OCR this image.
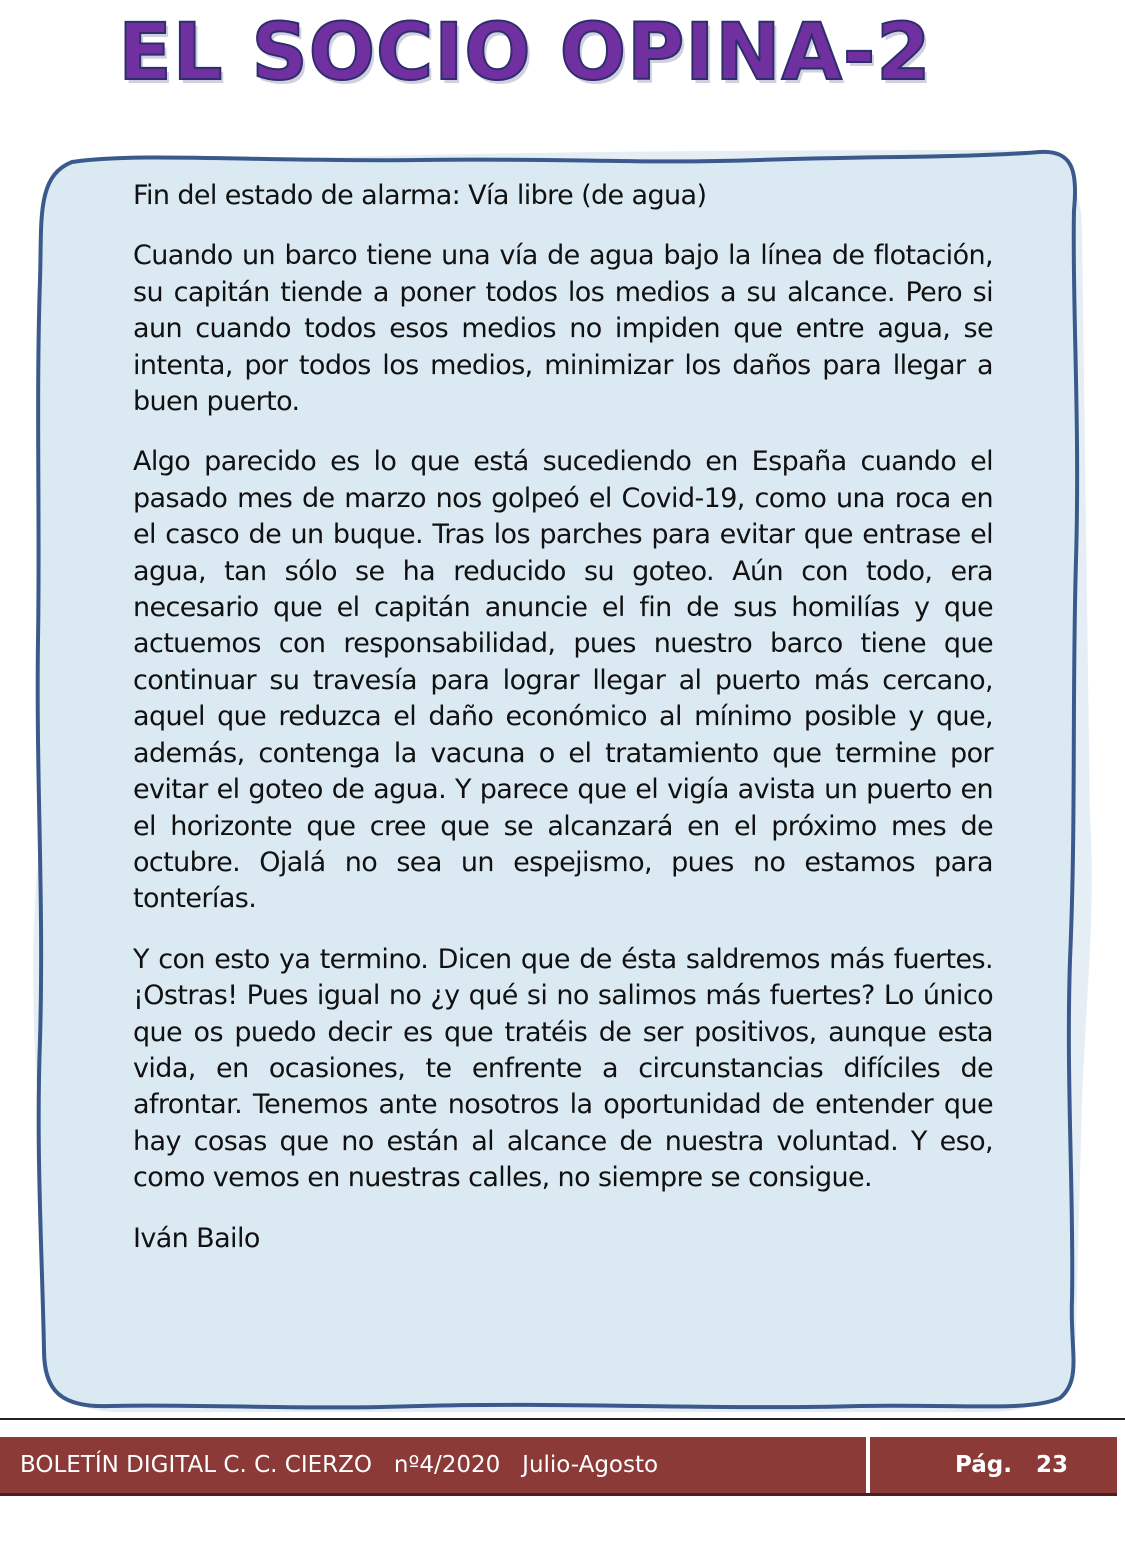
EL SOCIO OPINA-2

Fin del estado de alarma: Vía libre (de agua)

Cuando un barco tiene una vía de agua bajo la línea de flotación, su capitán tiende a poner todos los medios a su alcance. Pero si aun cuando todos esos medios no impiden que entre agua, se intenta, por todos los medios, minimizar los daños para llegar a buen puerto.

Algo parecido es lo que está sucediendo en España cuando el pasado mes de marzo nos golpeó el Covid-19, como una roca en el casco de un buque. Tras los parches para evitar que entrase el agua, tan sólo se ha reducido su goteo. Aún con todo, era necesario que el capitán anuncie el fin de sus homilías y que actuemos con responsabilidad, pues nuestro barco tiene que continuar su travesía para lograr llegar al puerto más cercano, aquel que reduzca el daño económico al mínimo posible y que, además, contenga la vacuna o el tratamiento que termine por evitar el goteo de agua. Y parece que el vigía avista un puerto en el horizonte que cree que se alcanzará en el próximo mes de octubre. Ojalá no sea un espejismo, pues no estamos para tonterías.

Y con esto ya termino. Dicen que de ésta saldremos más fuertes. ¡Ostras! Pues igual no ¿y qué si no salimos más fuertes? Lo único que os puedo decir es que tratéis de ser positivos, aunque esta vida, en ocasiones, te enfrente a circunstancias difíciles de afrontar. Tenemos ante nosotros la oportunidad de entender que hay cosas que no están al alcance de nuestra voluntad. Y eso, como vemos en nuestras calles, no siempre se consigue.

Iván Bailo

BOLETÍN DIGITAL C. C. CIERZO   nº4/2020   Julio-Agosto	Pág.   23
